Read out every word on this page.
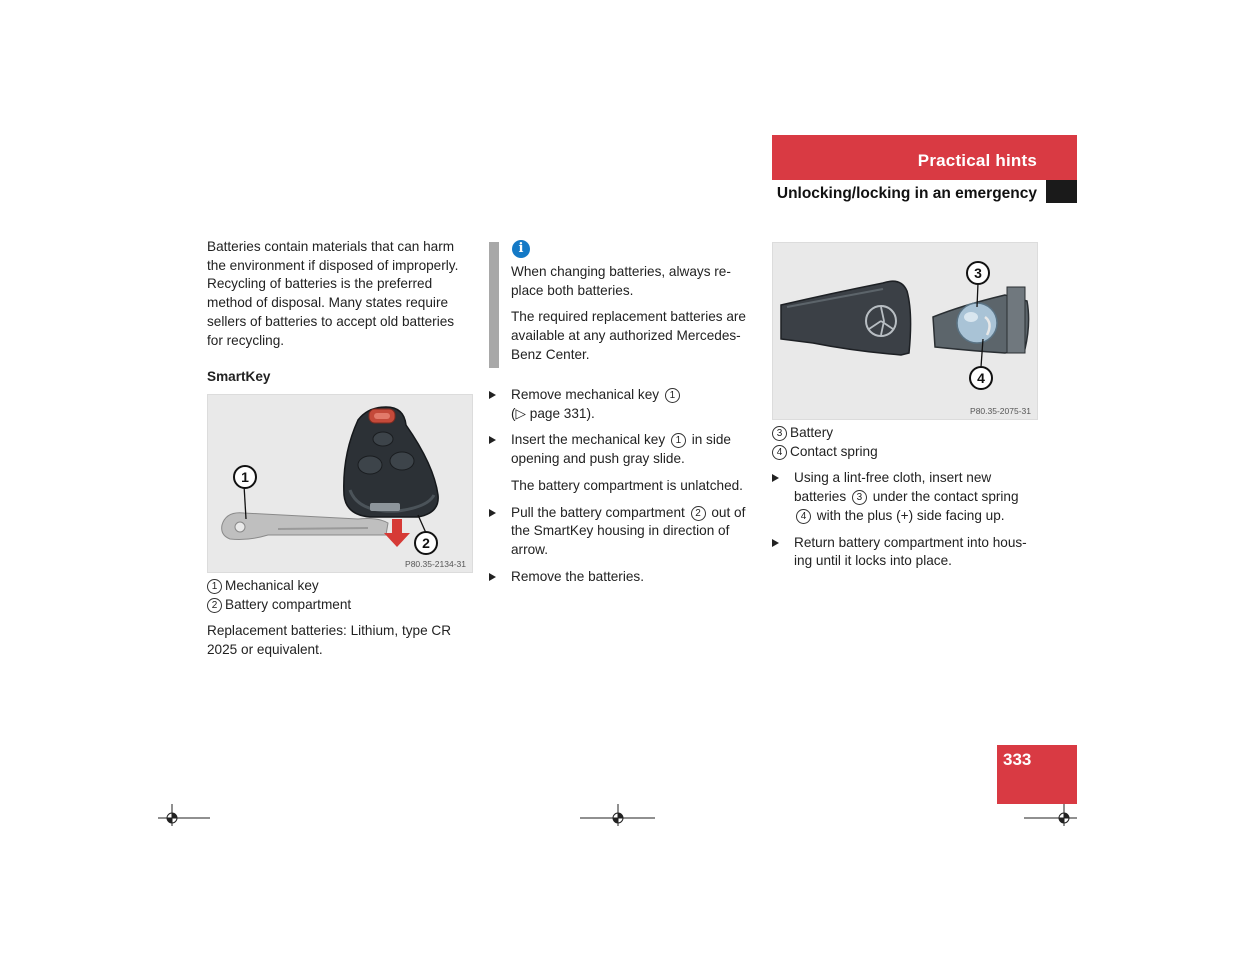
Practical hints
Unlocking/locking in an emergency

Batteries contain materials that can harm the environment if disposed of improperly. Recycling of batteries is the preferred method of disposal. Many states require sellers of batteries to accept old batteries for recycling.

SmartKey

1
2
P80.35-2134-31
1 Mechanical key
2 Battery compartment

Replacement batteries: Lithium, type CR 2025 or equivalent.

i

When changing batteries, always re-place both batteries.

The required replacement batteries are available at any authorized Mercedes-Benz Center.

Remove mechanical key 1
(▷ page 331).
Insert the mechanical key 1 in side opening and push gray slide.
The battery compartment is unlatched.
Pull the battery compartment 2 out of the SmartKey housing in direction of arrow.
Remove the batteries.
3
4
P80.35-2075-31
3 Battery
4 Contact spring
Using a lint-free cloth, insert new batteries 3 under the contact spring 4 with the plus (+) side facing up.
Return battery compartment into hous-ing until it locks into place.
333
